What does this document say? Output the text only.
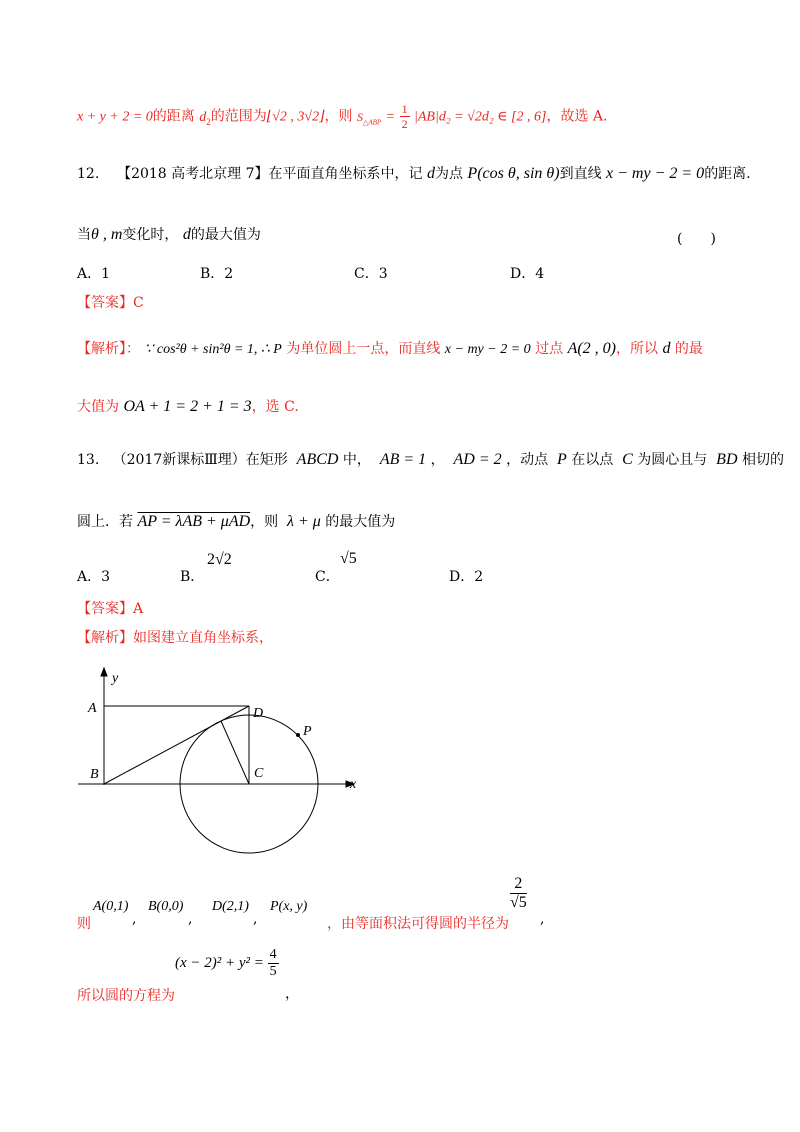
x + y + 2 = 0的距离 $d_2$的范围为⌊√2 , 3√2⌋，则 $S_{\triangle ABP} = \frac{1}{2} |AB|d_2 = √2d_2$ ∈ [2 , 6]，故选 A.
12. 【2018 高考北京理 7】在平面直角坐标系中，记 d为点 P(cos θ, sin θ)到直线 x − my − 2 = 0的距离.
当θ , m变化时， d的最大值为	(　　)
A．1	B．2	C．3	D．4
【答案】C
【解析】： ∵ cos²θ + sin²θ = 1, ∴ P 为单位圆上一点，而直线 x − my − 2 = 0 过点 A(2 , 0)，所以 d 的最
大值为 OA + 1 = 2 + 1 = 3，选 C.
13. （2017新课标Ⅲ理）在矩形 ABCD 中， AB = 1 ， AD = 2 ，动点 P 在以点 C 为圆心且与 BD 相切的
圆上．若 AP = λAB + μAD，则 λ + μ 的最大值为
A．3	B．
2√2
C．
√5
D．2
【答案】A
【解析】如图建立直角坐标系，
y
A	D
P
B	C
x
则
A(0,1)
,
B(0,0)
,
D(2,1)
,
P(x, y)
，由等面积法可得圆的半径为
$\frac{2}{√5}$
,
$(x - 2)^2 + y^2 = \frac{4}{5}$
所以圆的方程为	，
